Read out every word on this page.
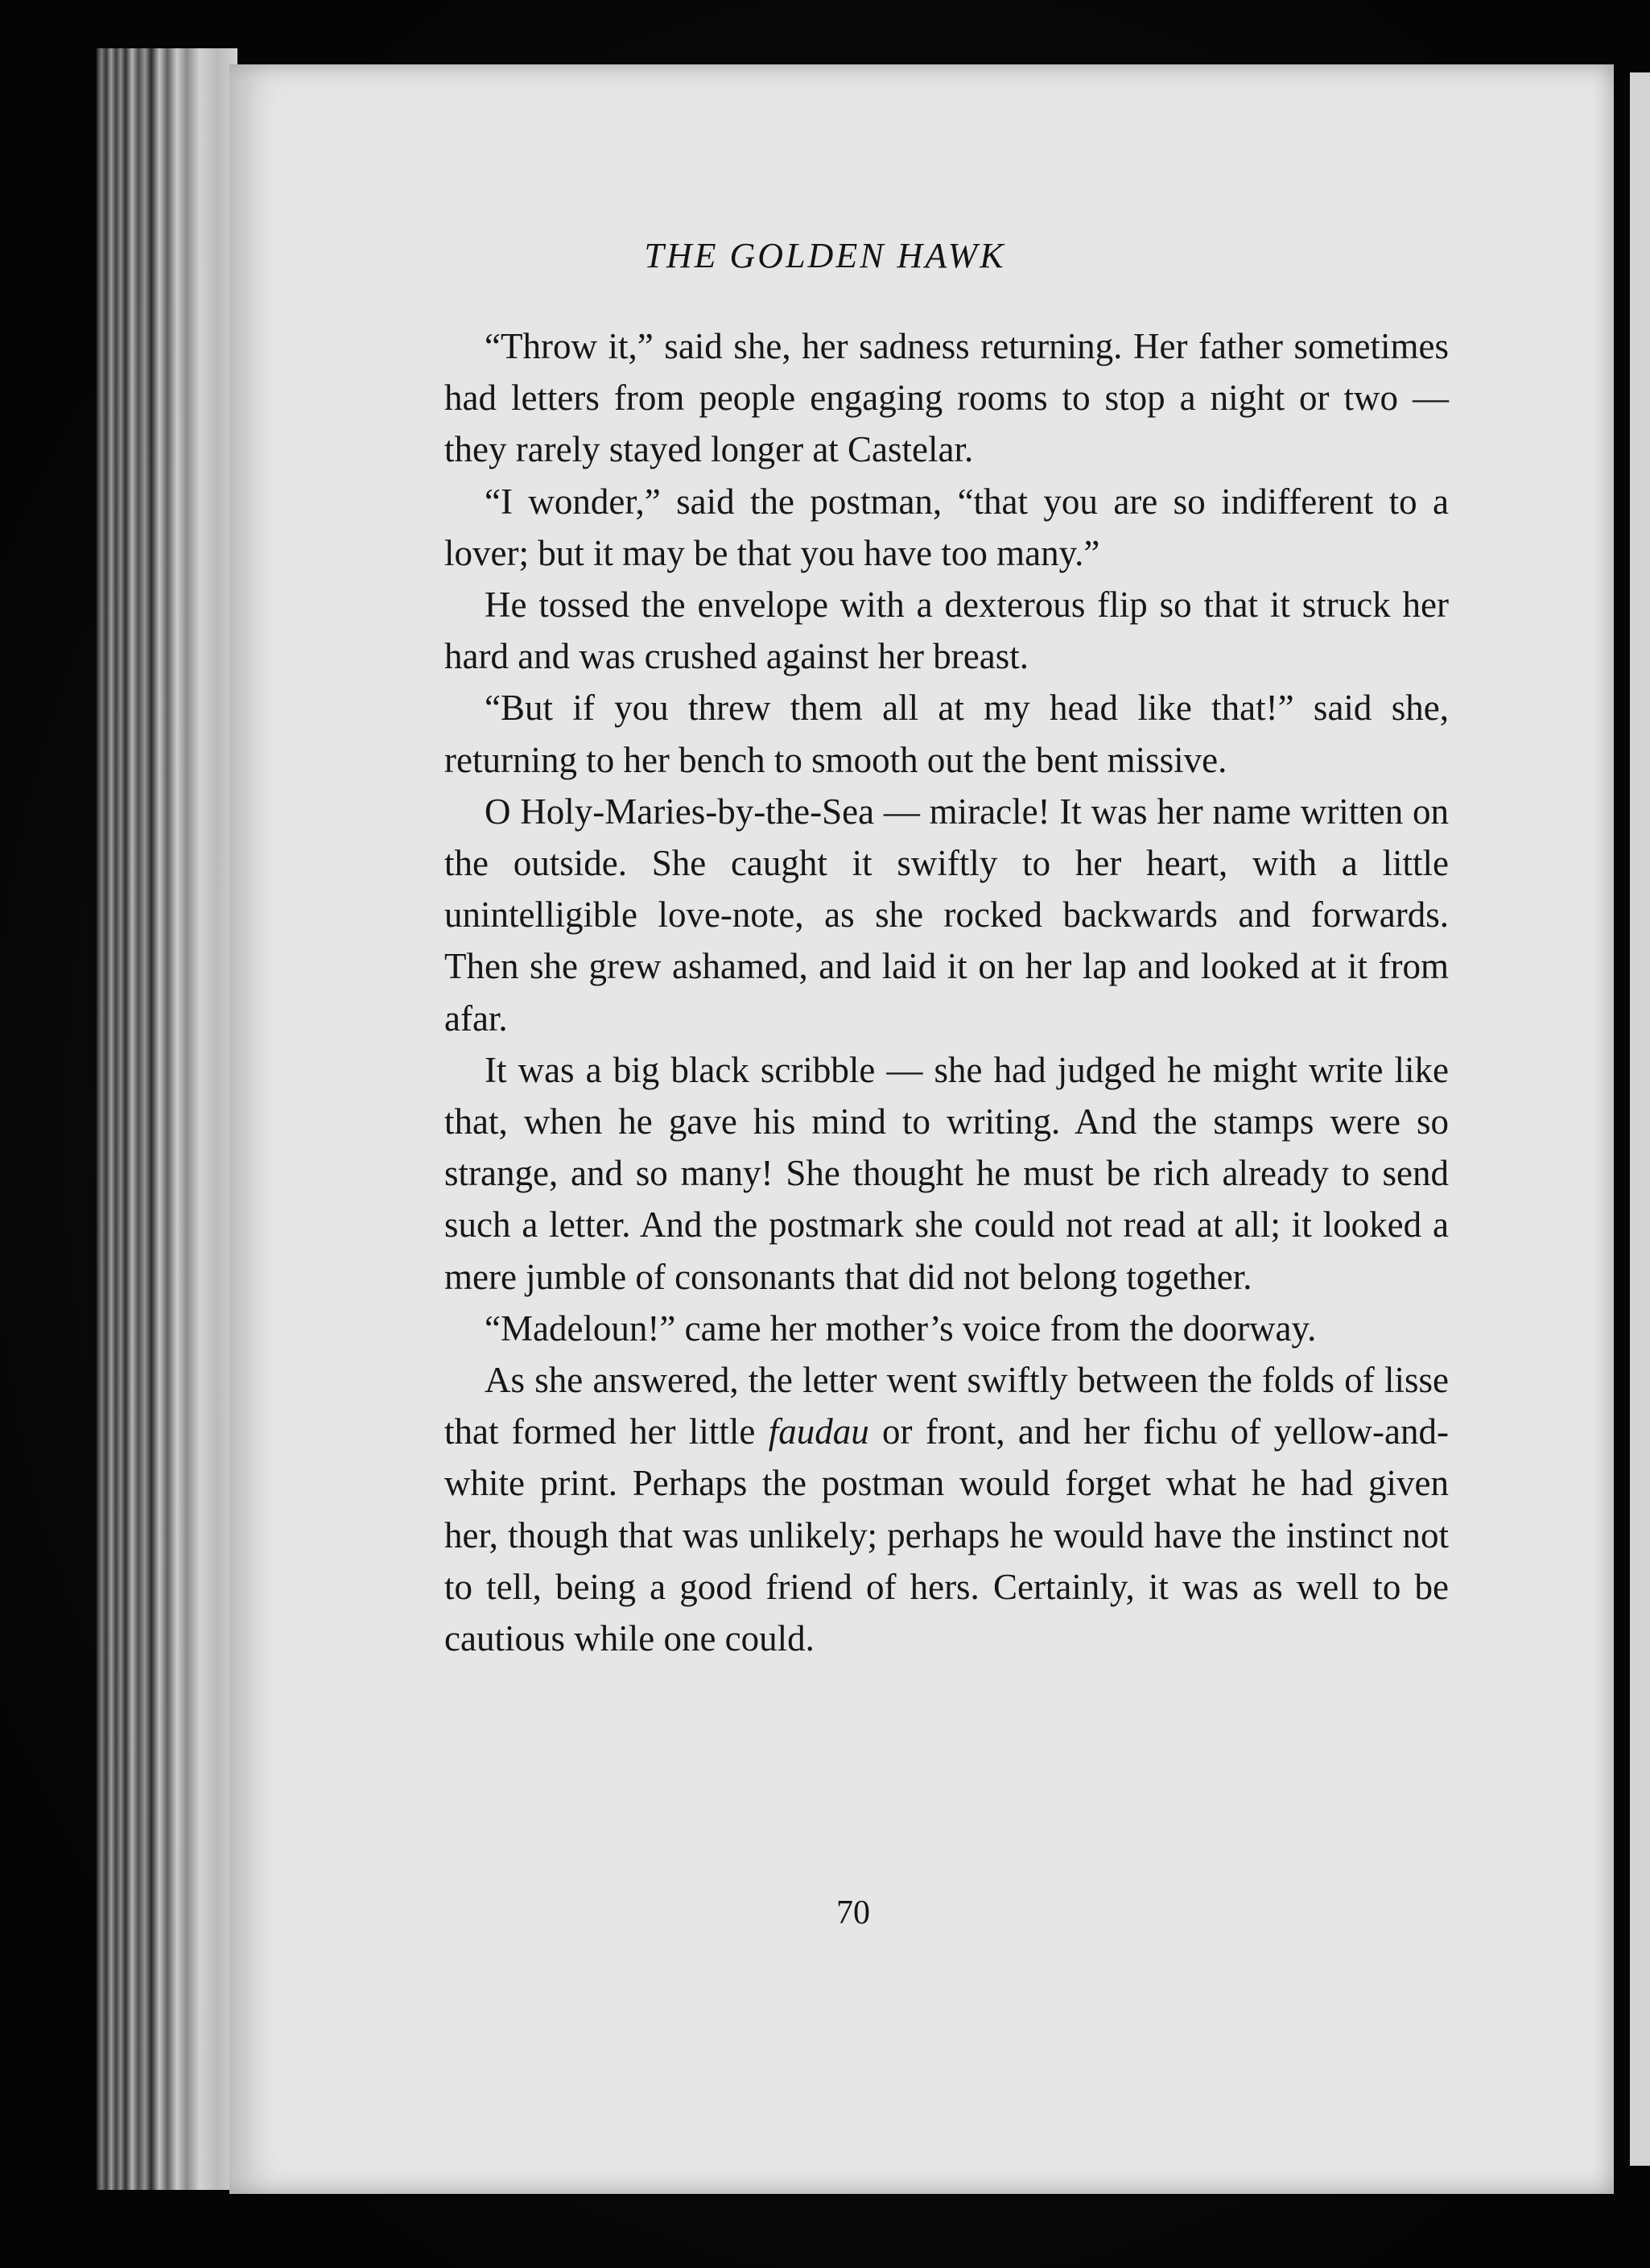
THE GOLDEN HAWK

“Throw it,” said she, her sadness returning. Her father sometimes had letters from people engaging rooms to stop a night or two — they rarely stayed longer at Castelar.

“I wonder,” said the postman, “that you are so indifferent to a lover; but it may be that you have too many.”

He tossed the envelope with a dexterous flip so that it struck her hard and was crushed against her breast.

“But if you threw them all at my head like that!” said she, returning to her bench to smooth out the bent missive.

O Holy-Maries-by-the-Sea — miracle! It was her name written on the outside. She caught it swiftly to her heart, with a little unintelligible love-note, as she rocked backwards and forwards. Then she grew ashamed, and laid it on her lap and looked at it from afar.

It was a big black scribble — she had judged he might write like that, when he gave his mind to writing. And the stamps were so strange, and so many! She thought he must be rich already to send such a letter. And the postmark she could not read at all; it looked a mere jumble of consonants that did not belong together.

“Madeloun!” came her mother’s voice from the doorway.

As she answered, the letter went swiftly between the folds of lisse that formed her little faudau or front, and her fichu of yellow-and-white print. Perhaps the postman would forget what he had given her, though that was unlikely; perhaps he would have the instinct not to tell, being a good friend of hers. Certainly, it was as well to be cautious while one could.

70
